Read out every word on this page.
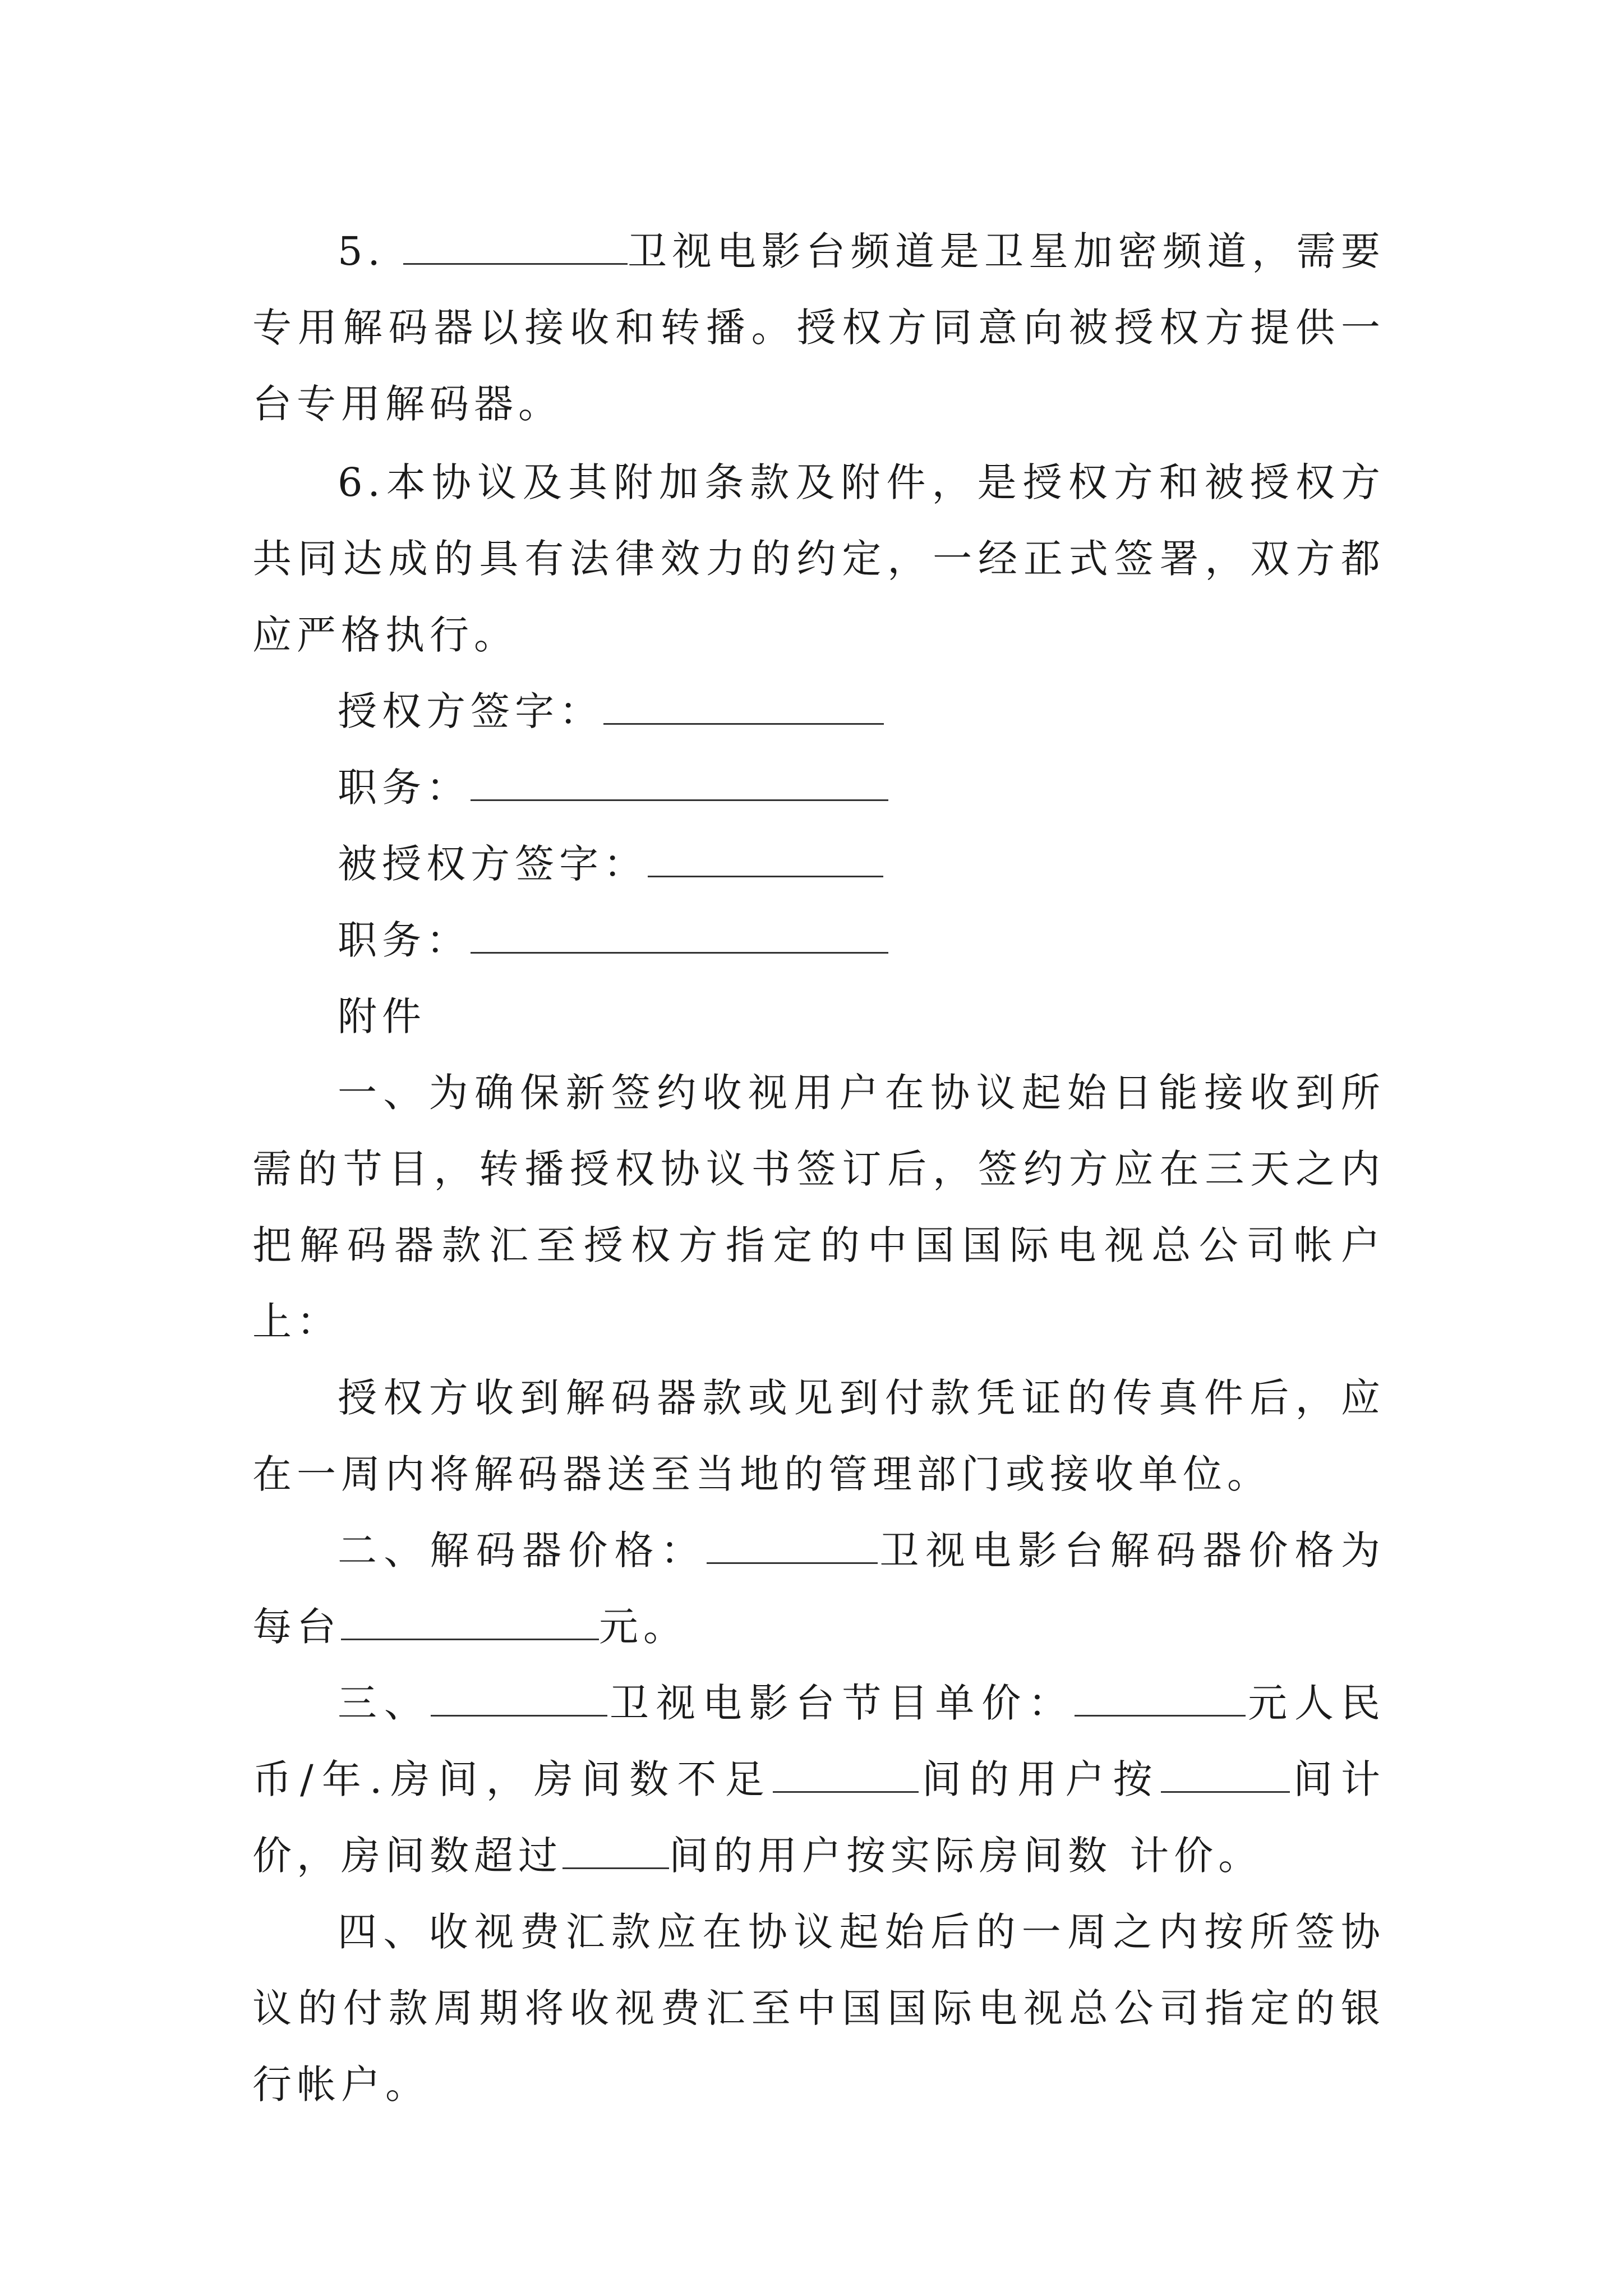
5.	卫视电影台频道是卫星加密频道，需要专用解码器以接收和转播。授权方同意向被授权方提供一台专用解码器。

6.本协议及其附加条款及附件，是授权方和被授权方共同达成的具有法律效力的约定，一经正式签署，双方都应严格执行。

授权方签字：

职务：

被授权方签字：

职务：

附件

一、为确保新签约收视用户在协议起始日能接收到所需的节目，转播授权协议书签订后，签约方应在三天之内把解码器款汇至授权方指定的中国国际电视总公司帐户上：

授权方收到解码器款或见到付款凭证的传真件后，应在一周内将解码器送至当地的管理部门或接收单位。

二、解码器价格：	卫视电影台解码器价格为每台	元。

三、	卫视电影台节目单价：	元人民币/年.房间，房间数不足	间的用户按	间计价，房间数超过	间的用户按实际房间数 计价。

四、收视费汇款应在协议起始后的一周之内按所签协议的付款周期将收视费汇至中国国际电视总公司指定的银行帐户。
